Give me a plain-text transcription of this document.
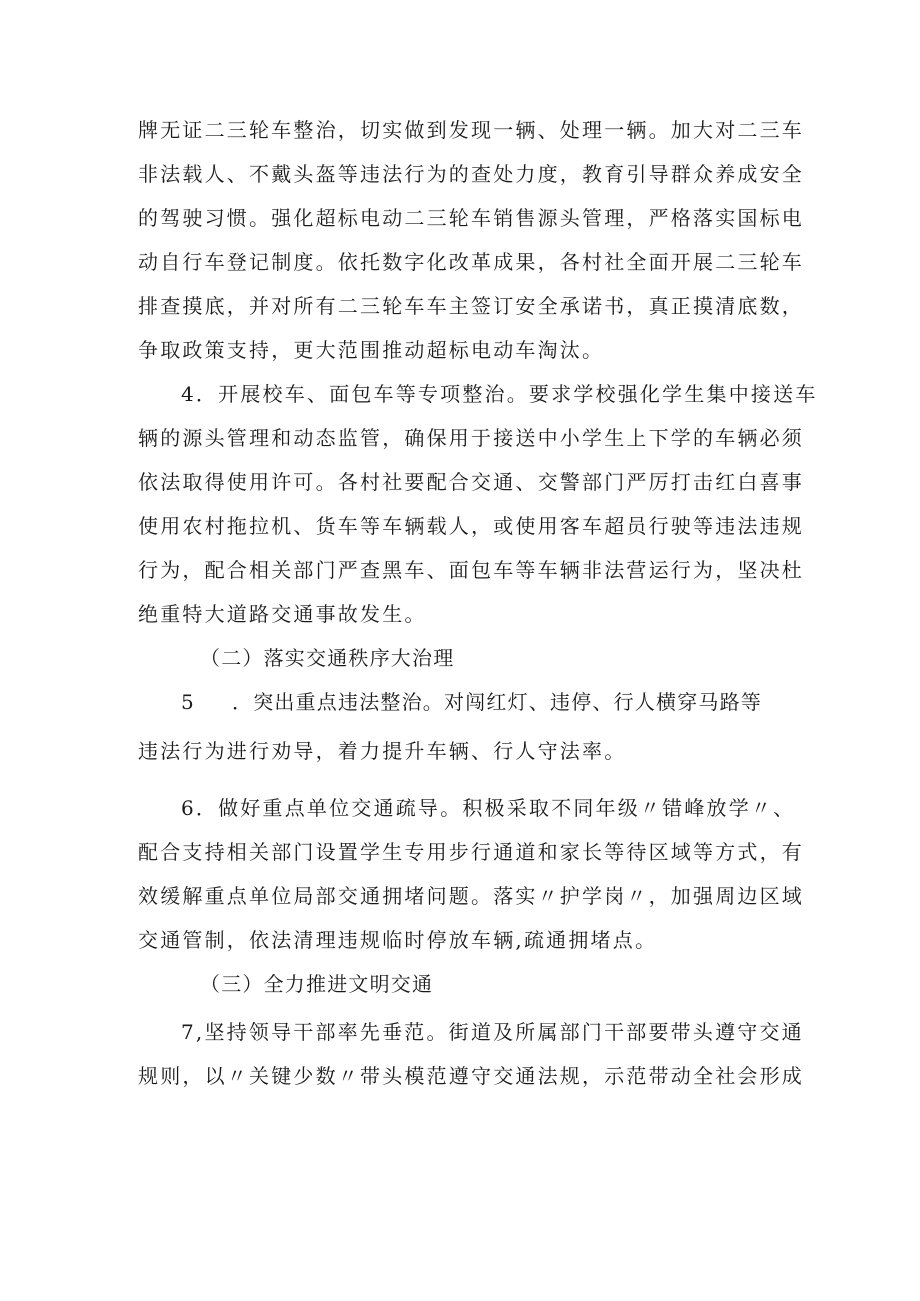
牌无证二三轮车整治，切实做到发现一辆、处理一辆。加大对二三车
非法载人、不戴头盔等违法行为的查处力度，教育引导群众养成安全
的驾驶习惯。强化超标电动二三轮车销售源头管理，严格落实国标电
动自行车登记制度。依托数字化改革成果，各村社全面开展二三轮车
排查摸底，并对所有二三轮车车主签订安全承诺书，真正摸清底数，
争取政策支持，更大范围推动超标电动车淘汰。
4．开展校车、面包车等专项整治。要求学校强化学生集中接送车
辆的源头管理和动态监管，确保用于接送中小学生上下学的车辆必须
依法取得使用许可。各村社要配合交通、交警部门严厉打击红白喜事
使用农村拖拉机、货车等车辆载人，或使用客车超员行驶等违法违规
行为，配合相关部门严查黑车、面包车等车辆非法营运行为，坚决杜
绝重特大道路交通事故发生。
（二）落实交通秩序大治理
5 ．突出重点违法整治。对闯红灯、违停、行人横穿马路等
违法行为进行劝导，着力提升车辆、行人守法率。
6．做好重点单位交通疏导。积极采取不同年级〃错峰放学〃、
配合支持相关部门设置学生专用步行通道和家长等待区域等方式，有
效缓解重点单位局部交通拥堵问题。落实〃护学岗〃，加强周边区域
交通管制，依法清理违规临时停放车辆,疏通拥堵点。
（三）全力推进文明交通
7,坚持领导干部率先垂范。街道及所属部门干部要带头遵守交通
规则，以〃关键少数〃带头模范遵守交通法规，示范带动全社会形成
